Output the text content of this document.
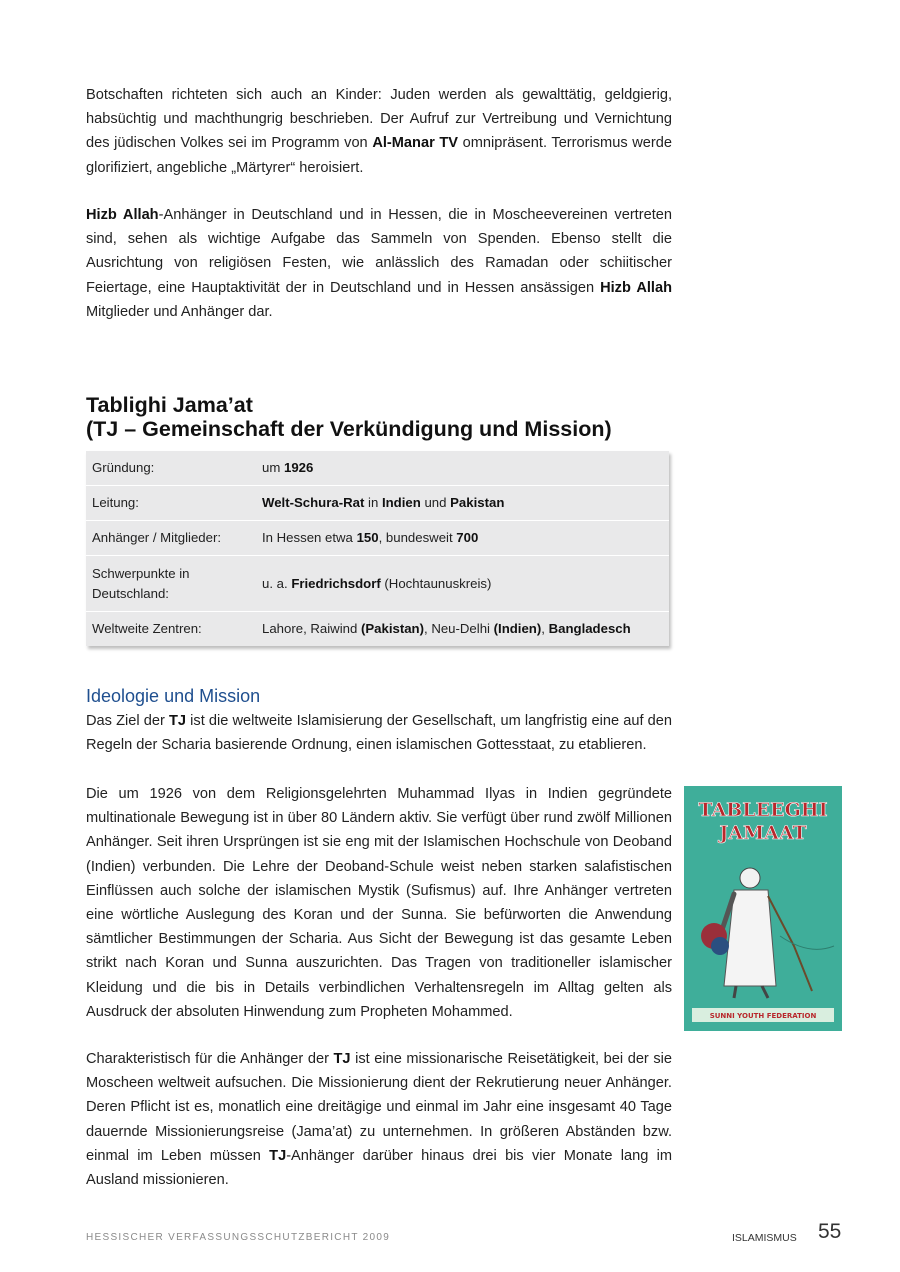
Botschaften richteten sich auch an Kinder: Juden werden als gewalttätig, geldgierig, habsüchtig und machthungrig beschrieben. Der Aufruf zur Vertreibung und Vernichtung des jüdischen Volkes sei im Programm von Al-Manar TV omnipräsent. Terrorismus werde glorifiziert, angebliche „Märtyrer“ heroisiert.

Hizb Allah-Anhänger in Deutschland und in Hessen, die in Moscheevereinen vertreten sind, sehen als wichtige Aufgabe das Sammeln von Spenden. Ebenso stellt die Ausrichtung von religiösen Festen, wie anlässlich des Ramadan oder schiitischer Feiertage, eine Hauptaktivität der in Deutschland und in Hessen ansässigen Hizb Allah Mitglieder und Anhänger dar.

Tablighi Jama’at
(TJ – Gemeinschaft der Verkündigung und Mission)
Gründung:	um 1926
Leitung:	Welt-Schura-Rat in Indien und Pakistan
Anhänger / Mitglieder:	In Hessen etwa 150, bundesweit 700
Schwerpunkte in
Deutschland:	u. a. Friedrichsdorf (Hochtaunuskreis)
Weltweite Zentren:	Lahore, Raiwind (Pakistan), Neu-Delhi (Indien), Bangladesch
Ideologie und Mission

Das Ziel der TJ ist die weltweite Islamisierung der Gesellschaft, um langfristig eine auf den Regeln der Scharia basierende Ordnung, einen islamischen Gottesstaat, zu etablieren.

Die um 1926 von dem Religionsgelehrten Muhammad Ilyas in Indien gegründete multinationale Bewegung ist in über 80 Ländern aktiv. Sie verfügt über rund zwölf Millionen Anhänger. Seit ihren Ursprüngen ist sie eng mit der Islamischen Hochschule von Deoband (Indien) verbunden. Die Lehre der Deoband-Schule weist neben starken salafistischen Einflüssen auch solche der islamischen Mystik (Sufismus) auf. Ihre Anhänger vertreten eine wörtliche Auslegung des Koran und der Sunna. Sie befürworten die Anwendung sämtlicher Bestimmungen der Scharia. Aus Sicht der Bewegung ist das gesamte Leben strikt nach Koran und Sunna auszurichten. Das Tragen von traditioneller islamischer Kleidung und die bis in Details verbindlichen Verhaltensregeln im Alltag gelten als Ausdruck der absoluten Hinwendung zum Propheten Mohammed.

Charakteristisch für die Anhänger der TJ ist eine missionarische Reisetätigkeit, bei der sie Moscheen weltweit aufsuchen. Die Missionierung dient der Rekrutierung neuer Anhänger. Deren Pflicht ist es, monatlich eine dreitägige und einmal im Jahr eine insgesamt 40 Tage dauernde Missionierungsreise (Jama’at) zu unternehmen. In größeren Abständen bzw. einmal im Leben müssen TJ-Anhänger darüber hinaus drei bis vier Monate lang im Ausland missionieren.

TABLEEGHI
JAMAAT
SUNNI YOUTH FEDERATION

HESSISCHER VERFASSUNGSSCHUTZBERICHT 2009	ISLAMISMUS 55
